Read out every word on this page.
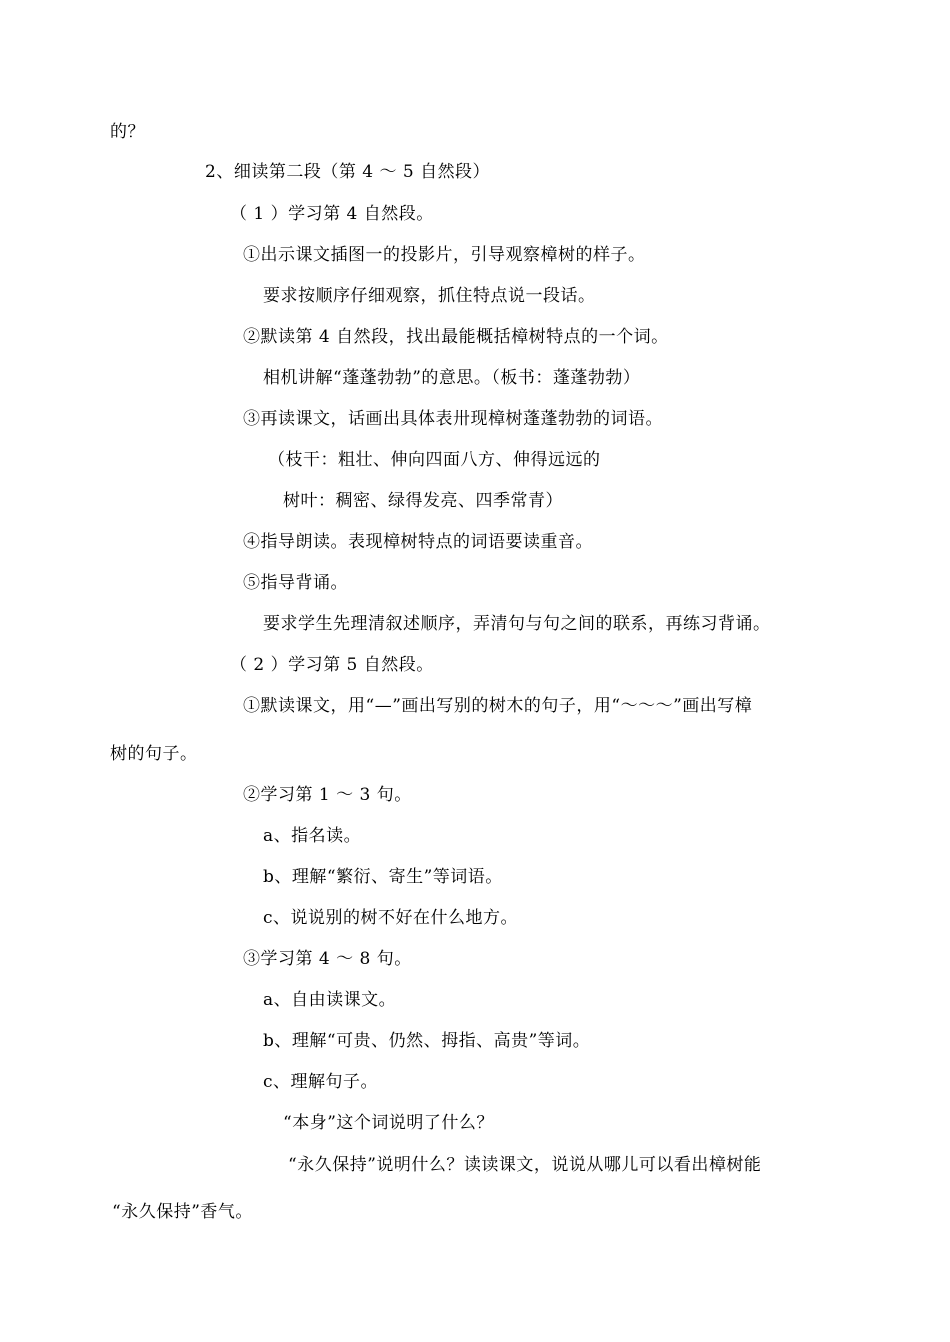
的？
2、细读第二段（第 4 ～ 5 自然段）
（ 1 ）学习第 4 自然段。
①出示课文插图一的投影片，引导观察樟树的样子。
要求按顺序仔细观察，抓住特点说一段话。
②默读第 4 自然段，找出最能概括樟树特点的一个词。
相机讲解“蓬蓬勃勃”的意思。（板书：蓬蓬勃勃）
③再读课文，话画出具体表卅现樟树蓬蓬勃勃的词语。
（枝干：粗壮、伸向四面八方、伸得远远的
树叶：稠密、绿得发亮、四季常青）
④指导朗读。表现樟树特点的词语要读重音。
⑤指导背诵。
要求学生先理清叙述顺序，弄清句与句之间的联系，再练习背诵。
（ 2 ）学习第 5 自然段。
①默读课文，用“—”画出写别的树木的句子，用“～～～”画出写樟
树的句子。
②学习第 1 ～ 3 句。
a、指名读。
b、理解“繁衍、寄生”等词语。
c、说说别的树不好在什么地方。
③学习第 4 ～ 8 句。
a、自由读课文。
b、理解“可贵、仍然、拇指、高贵”等词。
c、理解句子。
“本身”这个词说明了什么？
“永久保持”说明什么？读读课文，说说从哪儿可以看出樟树能
“永久保持”香气。
